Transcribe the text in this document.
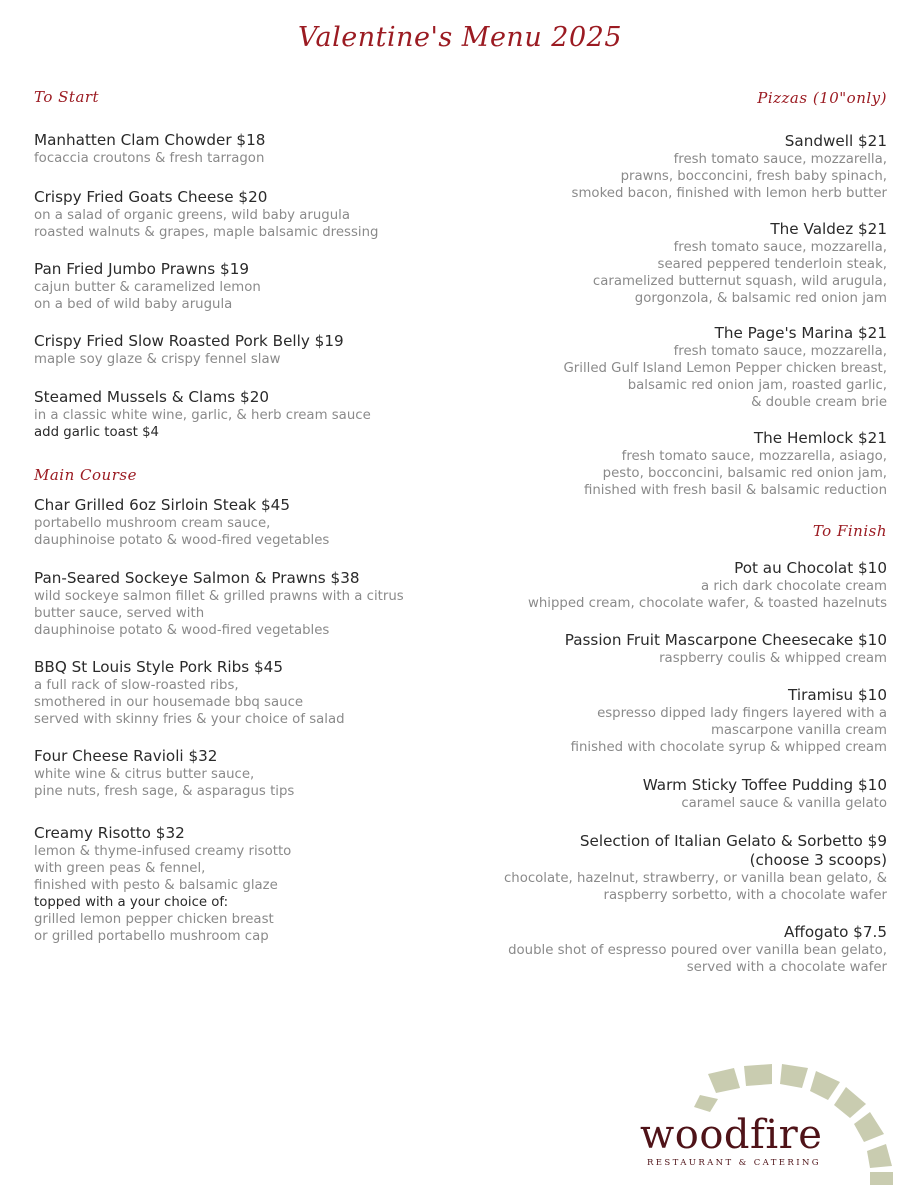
Valentine's Menu 2025
To Start
Manhatten Clam Chowder $18
focaccia croutons & fresh tarragon
Crispy Fried Goats Cheese $20
on a salad of organic greens, wild baby arugula
roasted walnuts & grapes, maple balsamic dressing
Pan Fried Jumbo Prawns $19
cajun butter & caramelized lemon
on a bed of wild baby arugula
Crispy Fried Slow Roasted Pork Belly $19
maple soy glaze & crispy fennel slaw
Steamed Mussels & Clams $20
in a classic white wine, garlic, & herb cream sauce
add garlic toast $4
Main Course
Char Grilled 6oz Sirloin Steak $45
portabello mushroom cream sauce,
dauphinoise potato & wood-fired vegetables
Pan-Seared Sockeye Salmon & Prawns $38
wild sockeye salmon fillet & grilled prawns with a citrus
butter sauce, served with
dauphinoise potato & wood-fired vegetables
BBQ St Louis Style Pork Ribs $45
a full rack of slow-roasted ribs,
smothered in our housemade bbq sauce
served with skinny fries & your choice of salad
Four Cheese Ravioli $32
white wine & citrus butter sauce,
pine nuts, fresh sage, & asparagus tips
Creamy Risotto $32
lemon & thyme-infused creamy risotto
with green peas & fennel,
finished with pesto & balsamic glaze
topped with a your choice of:
grilled lemon pepper chicken breast
or grilled portabello mushroom cap
Pizzas (10"only)
Sandwell $21
fresh tomato sauce, mozzarella,
prawns, bocconcini, fresh baby spinach,
smoked bacon, finished with lemon herb butter
The Valdez $21
fresh tomato sauce, mozzarella,
seared peppered tenderloin steak,
caramelized butternut squash, wild arugula,
gorgonzola, & balsamic red onion jam
The Page's Marina $21
fresh tomato sauce, mozzarella,
Grilled Gulf Island Lemon Pepper chicken breast,
balsamic red onion jam, roasted garlic,
& double cream brie
The Hemlock $21
fresh tomato sauce, mozzarella, asiago,
pesto, bocconcini, balsamic red onion jam,
finished with fresh basil & balsamic reduction
To Finish
Pot au Chocolat $10
a rich dark chocolate cream
whipped cream, chocolate wafer, & toasted hazelnuts
Passion Fruit Mascarpone Cheesecake $10
raspberry coulis & whipped cream
Tiramisu $10
espresso dipped lady fingers layered with a
mascarpone vanilla cream
finished with chocolate syrup & whipped cream
Warm Sticky Toffee Pudding $10
caramel sauce & vanilla gelato
Selection of Italian Gelato & Sorbetto $9
(choose 3 scoops)
chocolate, hazelnut, strawberry, or vanilla bean gelato, &
raspberry sorbetto, with a chocolate wafer
Affogato $7.5
double shot of espresso poured over vanilla bean gelato,
served with a chocolate wafer
woodfire
RESTAURANT & CATERING
